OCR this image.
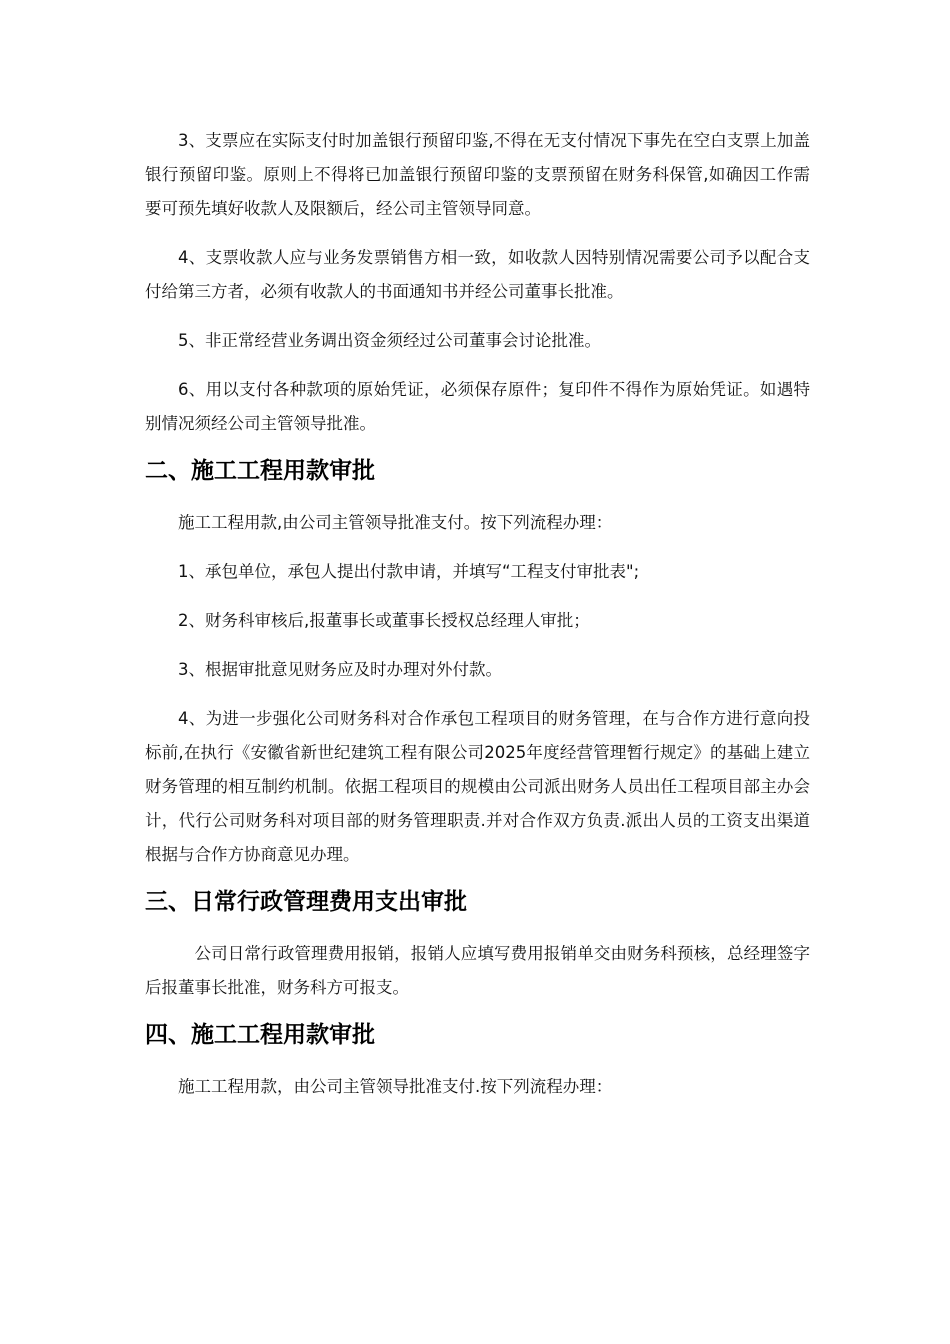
3、支票应在实际支付时加盖银行预留印鉴,不得在无支付情况下事先在空白支票上加盖银行预留印鉴。原则上不得将已加盖银行预留印鉴的支票预留在财务科保管,如确因工作需要可预先填好收款人及限额后，经公司主管领导同意。

4、支票收款人应与业务发票销售方相一致，如收款人因特别情况需要公司予以配合支付给第三方者，必须有收款人的书面通知书并经公司董事长批准。

5、非正常经营业务调出资金须经过公司董事会讨论批准。

6、用以支付各种款项的原始凭证，必须保存原件；复印件不得作为原始凭证。如遇特别情况须经公司主管领导批准。

二、施工工程用款审批

施工工程用款,由公司主管领导批准支付。按下列流程办理：

1、承包单位，承包人提出付款申请，并填写“工程支付审批表";

2、财务科审核后,报董事长或董事长授权总经理人审批；

3、根据审批意见财务应及时办理对外付款。

4、为进一步强化公司财务科对合作承包工程项目的财务管理，在与合作方进行意向投标前,在执行《安徽省新世纪建筑工程有限公司2025年度经营管理暂行规定》的基础上建立财务管理的相互制约机制。依据工程项目的规模由公司派出财务人员出任工程项目部主办会计，代行公司财务科对项目部的财务管理职责.并对合作双方负责.派出人员的工资支出渠道根据与合作方协商意见办理。

三、日常行政管理费用支出审批

公司日常行政管理费用报销，报销人应填写费用报销单交由财务科预核，总经理签字后报董事长批准，财务科方可报支。

四、施工工程用款审批

施工工程用款，由公司主管领导批准支付.按下列流程办理：
